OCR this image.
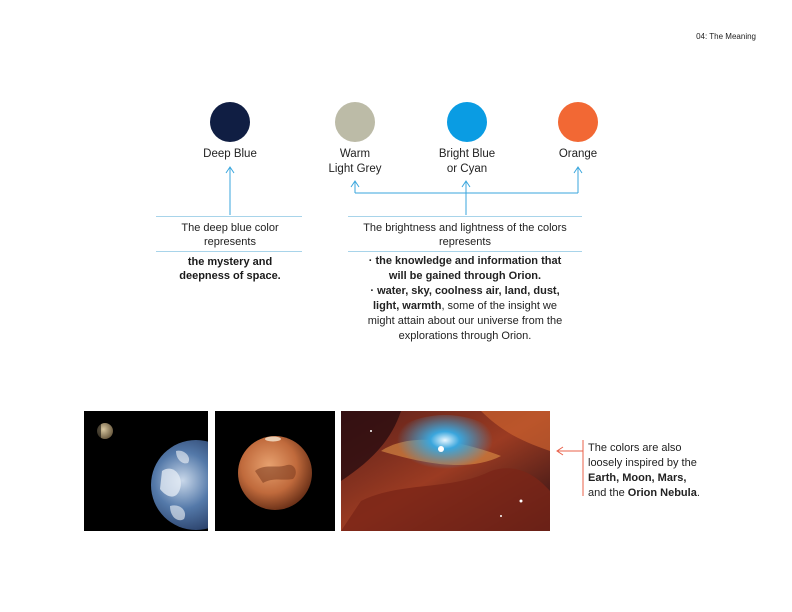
04: The Meaning
Deep Blue	Warm
Light Grey
Bright Blue
or Cyan
Orange
The deep blue color
represents
the mystery and
deepness of space.
The brightness and lightness of the colors
represents
· the knowledge and information that
will be gained through Orion.
· water, sky, coolness air, land, dust,
light, warmth, some of the insight we
might attain about our universe from the
explorations through Orion.
The colors are also
loosely inspired by the
Earth, Moon, Mars,
and the Orion Nebula.
